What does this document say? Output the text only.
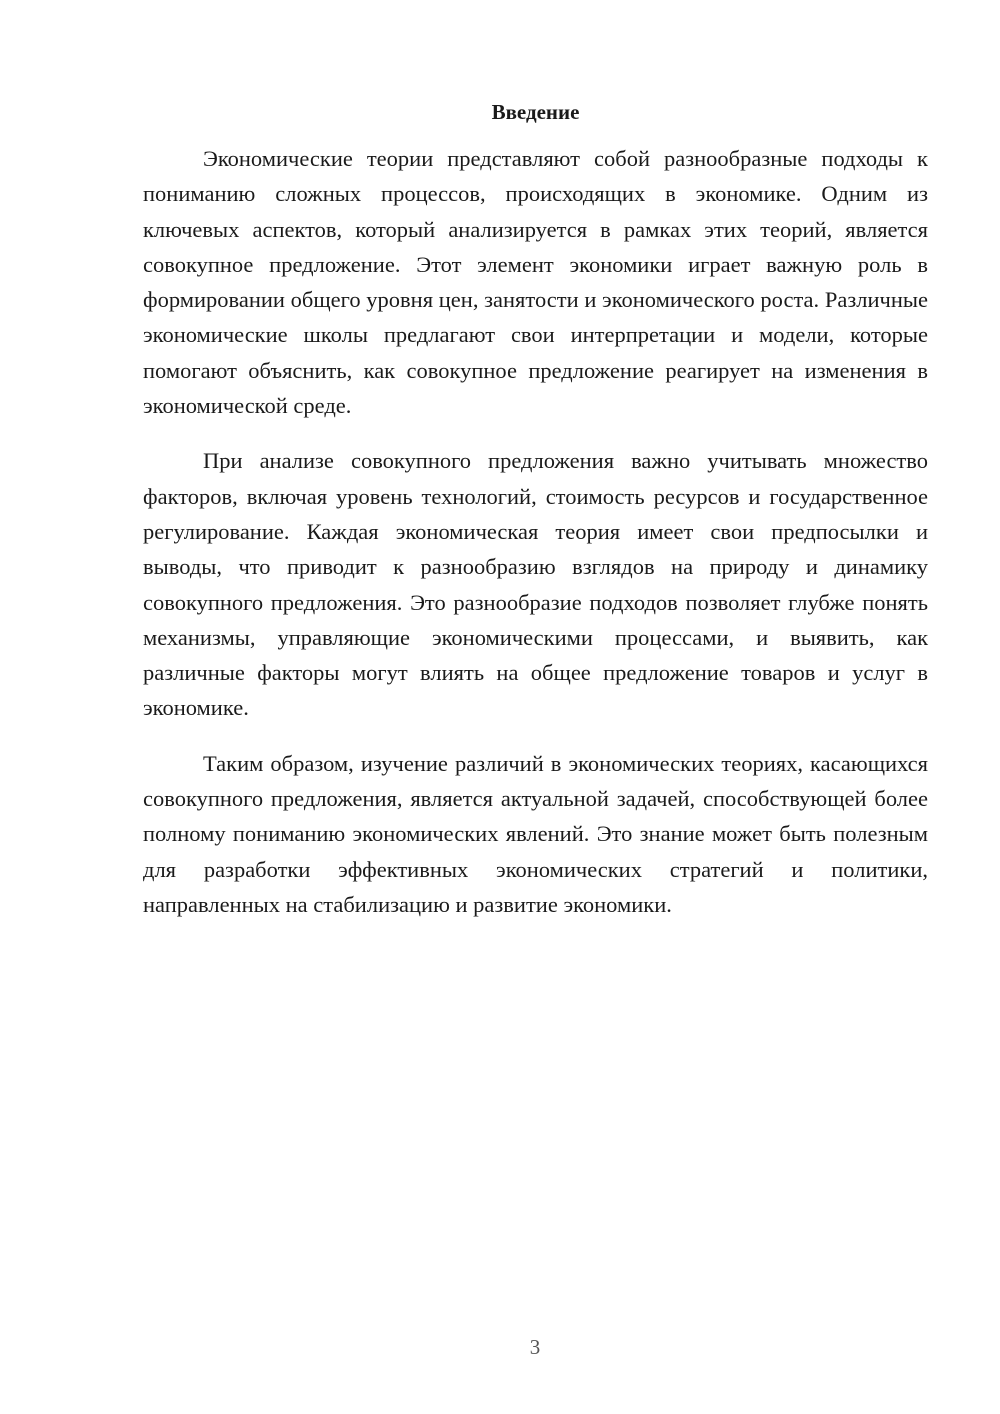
Введение

Экономические теории представляют собой разнообразные подходы к пониманию сложных процессов, происходящих в экономике. Одним из ключевых аспектов, который анализируется в рамках этих теорий, является совокупное предложение. Этот элемент экономики играет важную роль в формировании общего уровня цен, занятости и экономического роста. Различные экономические школы предлагают свои интерпретации и модели, которые помогают объяснить, как совокупное предложение реагирует на изменения в экономической среде.

При анализе совокупного предложения важно учитывать множество факторов, включая уровень технологий, стоимость ресурсов и государственное регулирование. Каждая экономическая теория имеет свои предпосылки и выводы, что приводит к разнообразию взглядов на природу и динамику совокупного предложения. Это разнообразие подходов позволяет глубже понять механизмы, управляющие экономическими процессами, и выявить, как различные факторы могут влиять на общее предложение товаров и услуг в экономике.

Таким образом, изучение различий в экономических теориях, касающихся совокупного предложения, является актуальной задачей, способствующей более полному пониманию экономических явлений. Это знание может быть полезным для разработки эффективных экономических стратегий и политики, направленных на стабилизацию и развитие экономики.

3
